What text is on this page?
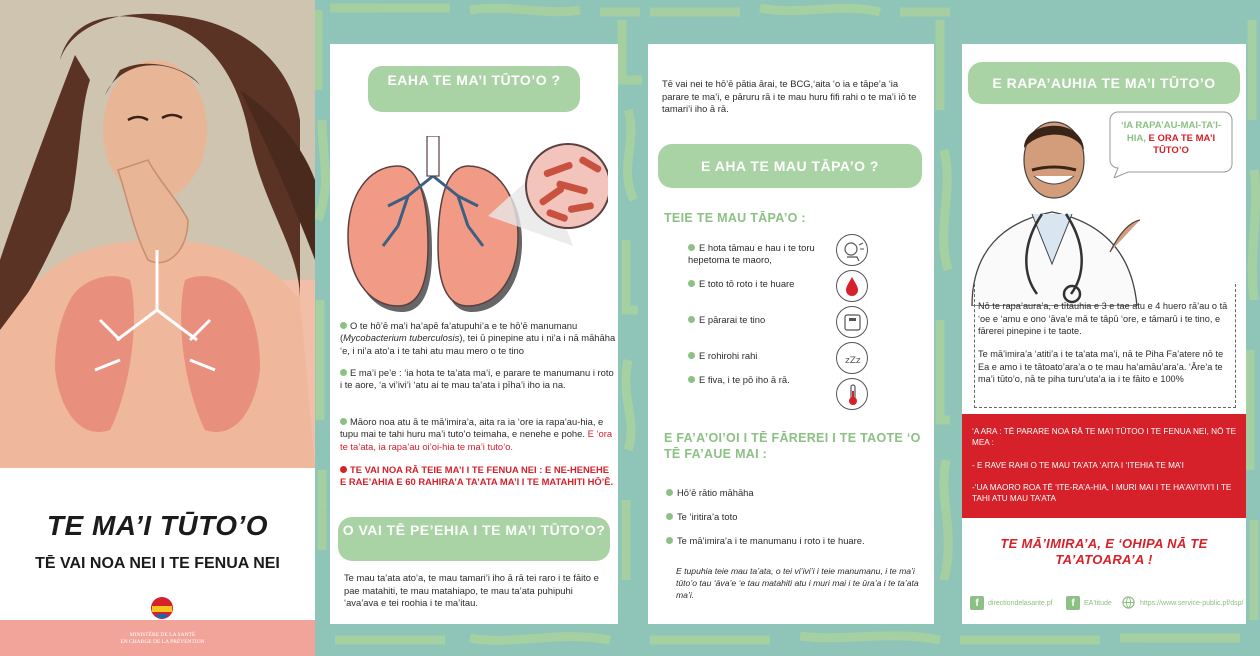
TE MA’I TŪTO’O
TĒ VAI NOA NEI I TE FENUA NEI
MINISTÈRE DE LA SANTÉ
EN CHARGE DE LA PRÉVENTION
EAHA TE MA’I TŪTO’O ?
O te hō’ē ma’i ha’apē fa’atupuhi’a e te hō’ē manumanu (Mycobacterium tuberculosis), tei ū pinepine atu i ni’a i nā māhāha ‘e, i ni’a ato’a i te tahi atu mau mero o te tino
E ma’i pe’e : ‘ia hota te ta’ata ma’i, e parare te manumanu i roto i te aore, ‘a vi’ivi’i ‘atu ai te mau ta’ata i pīha’i iho ia na.
Māoro noa atu ā te mā’imira’a, aita ra ia ‘ore ia rapa’au-hia, e tupu mai te tahi huru ma’i tuto’o teimaha, e nenehe e pohe. E ‘ora te ta’ata, ia rapa’au oi’oi-hia te ma’i tuto’o.
TE VAI NOA RĀ TEIE MA’I I TE FENUA NEI : E NE-HENEHE E RAE’AHIA E 60 RAHIRA’A TA’ATA MA’I I TE MATAHITI HŌ’Ē.
O VAI TĒ PE’EHIA I TE MA’I TŪTO’O?
Te mau ta’ata ato’a, te mau tamari’i iho ā rā tei raro i te fāito e pae matahiti, te mau matahiapo, te mau ta’ata puhipuhi ‘ava’ava e tei roohia i te ma’itau.
Tē vai nei te hō’ē pātia ārai, te BCG,‘aita ‘o ia e tāpe’a ‘ia parare te ma’i, e pāruru rā i te mau huru fifi rahi o te ma’i iō te tamari’i iho ā rā.
E AHA TE MAU TĀPA’O ?
TEIE TE MAU TĀPA’O :
E hota tāmau e hau i te toru hepetoma te maoro,
E toto tō roto i te huare
E pārarai te tino
E rohirohi rahi	zZz
E fiva, i te pō iho ā rā.
E FA’A’OI’OI I TĒ FĀREREI I TE TAOTE ‘O TĒ FA’AUE MAI :
Hō’ē rātio māhāha
Te ‘iritira’a toto
Te mā’imira’a i te manumanu i roto i te huare.
E tupuhia teie mau ta’ata, o tei vi’ivi’i i teie manumanu, i te ma’i tūto’o tau ‘āva’e ‘e tau matahiti atu i muri mai i te ūra’a i te ta’ata ma’i.
E RAPA’AUHIA TE MA’I TŪTO’O
‘IA RAPA’AU-MAI-TA’I-HIA, E ORA TE MA’I TŪTO’O
Nō te rapa’aura’a, e tītauhia e 3 e tae atu e 4 huero rā’au o tā ‘oe e ‘amu e ono ‘āva’e mā te tāpū ‘ore, e tāmarū i te tino, e fārerei pinepine i te taote.
Te mā’imira’a ‘atiti’a i te ta’ata ma’i, nā te Piha Fa’atere nō te Ea e amo i te tātoato’ara’a o te mau ha’amāu’ara’a. ‘Āre’a te ma’i tūto’o, nā te piha turu’uta’a ia i te fāito e 100%
‘A ARA : TĒ PARARE NOA RĀ TE MA’I TŪTOO I TE FENUA NEI, NŌ TE MEA :
- E RAVE RAHI O TE MAU TA’ATA ‘AITA I ‘ITEHIA TE MA’I
-‘UA MAORO ROA TĒ ‘ITE-RA’A-HIA, I MURI MAI I TE HA’AVI’IVI’I I TE TAHI ATU MAU TA’ATA
TE MĀ’IMIRA’A, E ‘OHIPA NĀ TE TA’ATOARA’A !
f	directiondelasante.pf	f	EA'titude	https://www.service-public.pf/dsp/
